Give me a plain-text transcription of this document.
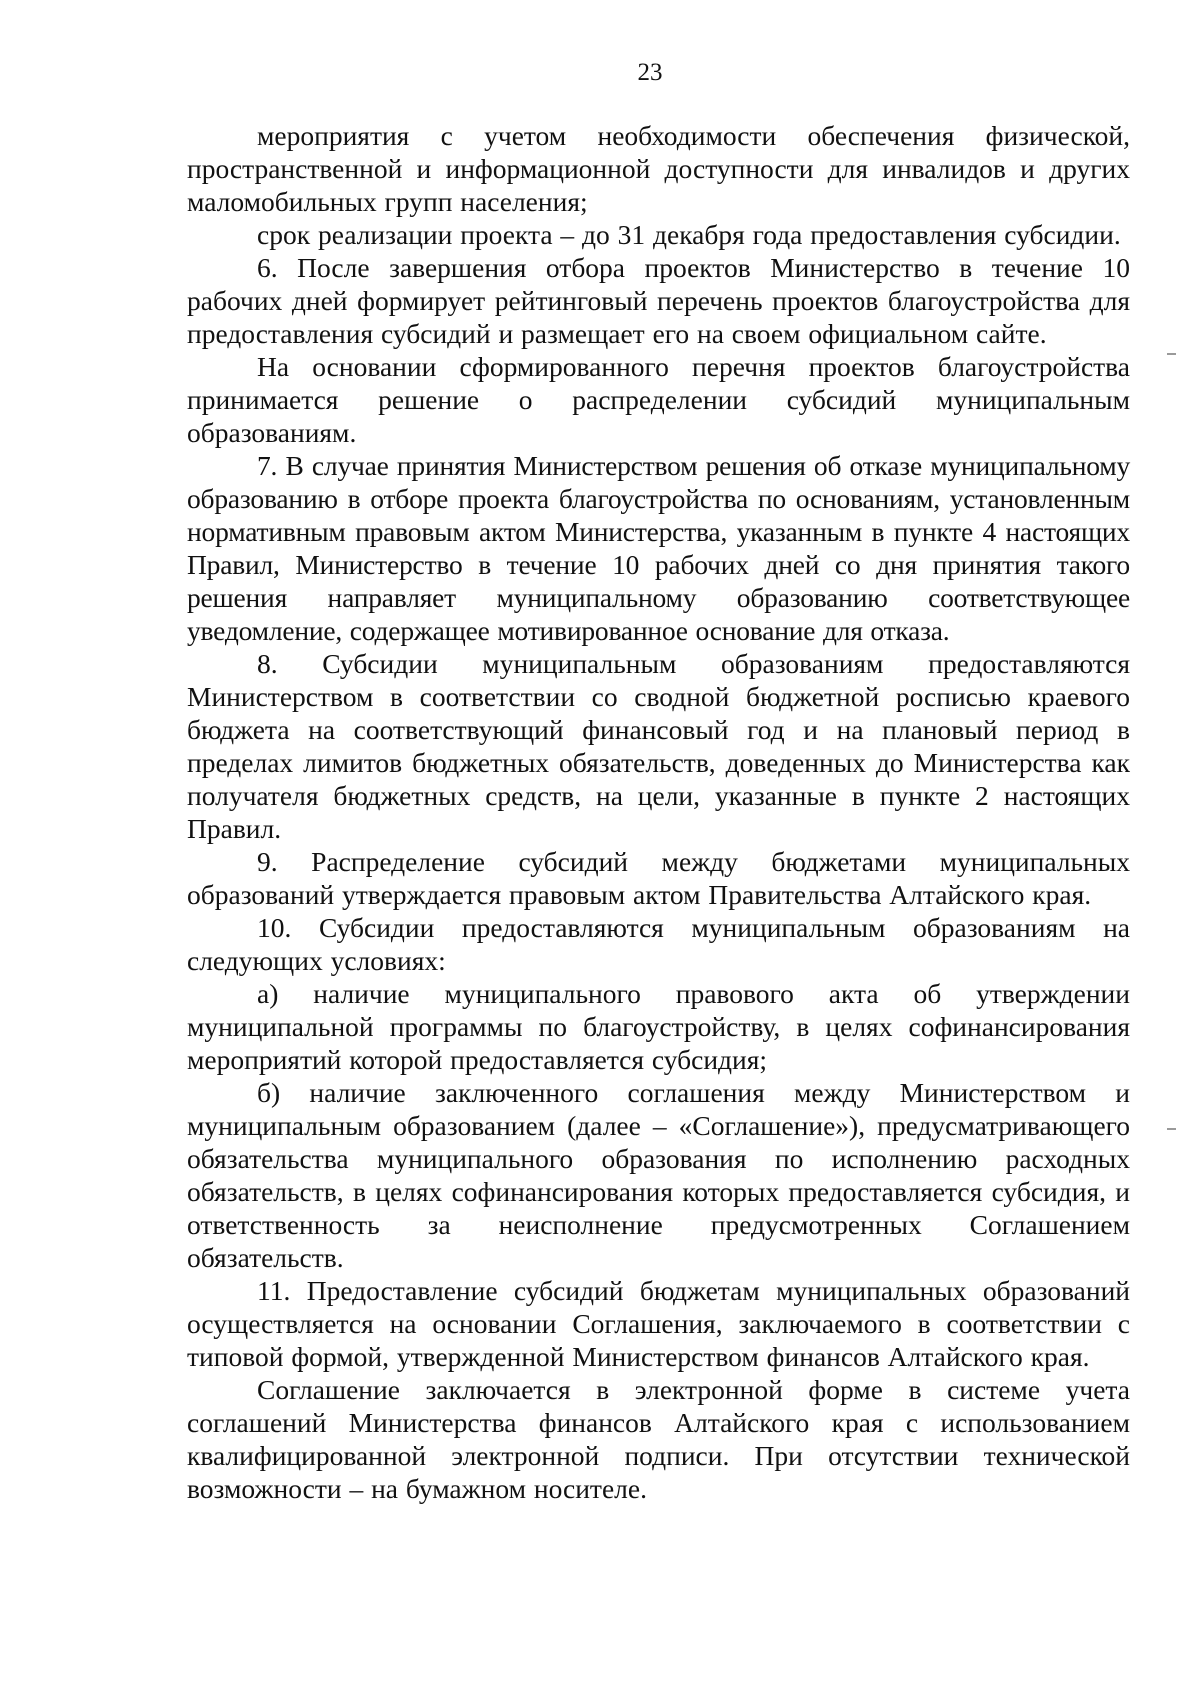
23

мероприятия с учетом необходимости обеспечения физической, пространственной и информационной доступности для инвалидов и других маломобильных групп населения;

срок реализации проекта – до 31 декабря года предоставления субсидии.

6. После завершения отбора проектов Министерство в течение 10 рабочих дней формирует рейтинговый перечень проектов благоустройства для предоставления субсидий и размещает его на своем официальном сайте.

На основании сформированного перечня проектов благоустройства принимается решение о распределении субсидий муниципальным образованиям.

7. В случае принятия Министерством решения об отказе муниципальному образованию в отборе проекта благоустройства по основаниям, установленным нормативным правовым актом Министерства, указанным в пункте 4 настоящих Правил, Министерство в течение 10 рабочих дней со дня принятия такого решения направляет муниципальному образованию соответствующее уведомление, содержащее мотивированное основание для отказа.

8. Субсидии муниципальным образованиям предоставляются Министерством в соответствии со сводной бюджетной росписью краевого бюджета на соответствующий финансовый год и на плановый период в пределах лимитов бюджетных обязательств, доведенных до Министерства как получателя бюджетных средств, на цели, указанные в пункте 2 настоящих Правил.

9. Распределение субсидий между бюджетами муниципальных образований утверждается правовым актом Правительства Алтайского края.

10. Субсидии предоставляются муниципальным образованиям на следующих условиях:

а) наличие муниципального правового акта об утверждении муниципальной программы по благоустройству, в целях софинансирования мероприятий которой предоставляется субсидия;

б) наличие заключенного соглашения между Министерством и муниципальным образованием (далее – «Соглашение»), предусматривающего обязательства муниципального образования по исполнению расходных обязательств, в целях софинансирования которых предоставляется субсидия, и ответственность за неисполнение предусмотренных Соглашением обязательств.

11. Предоставление субсидий бюджетам муниципальных образований осуществляется на основании Соглашения, заключаемого в соответствии с типовой формой, утвержденной Министерством финансов Алтайского края.

Соглашение заключается в электронной форме в системе учета соглашений Министерства финансов Алтайского края с использованием квалифицированной электронной подписи. При отсутствии технической возможности – на бумажном носителе.
